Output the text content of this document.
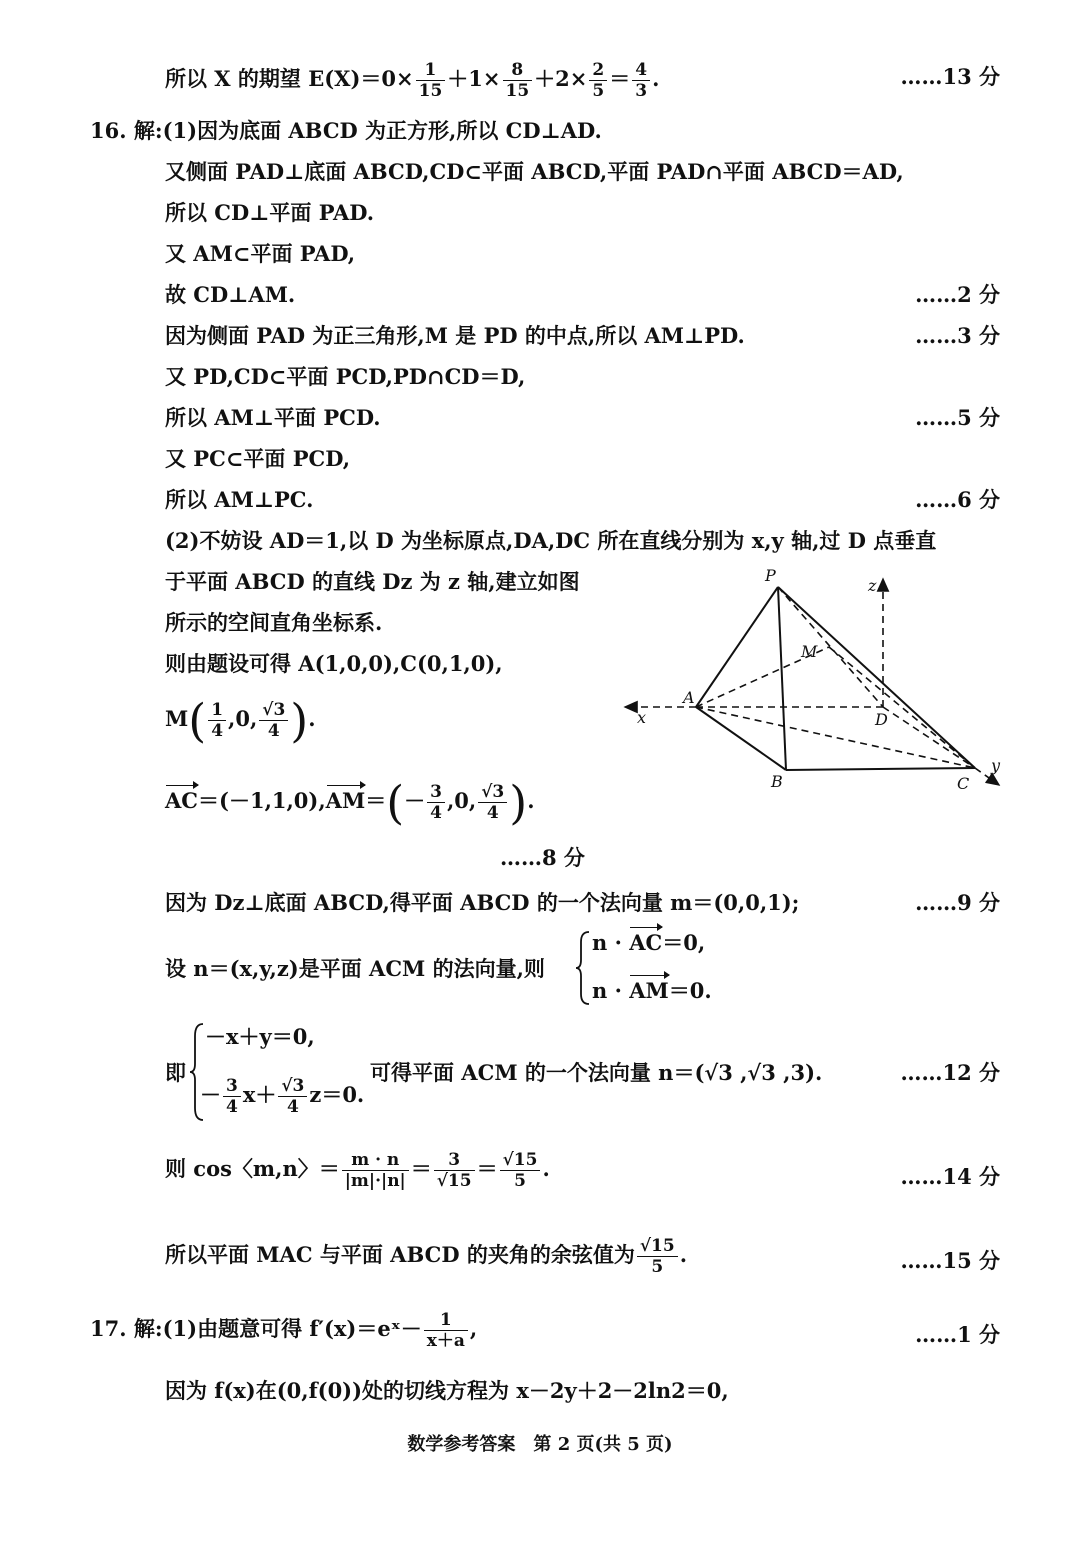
所以 X 的期望 $E(X)=0\times \frac{1}{15} +1\times \frac{8}{15} +2\times \frac{2}{5} = \frac{4}{3}$ .	……13 分
16. 解:(1)因为底面 ABCD 为正方形,所以 CD⊥AD.
又侧面 PAD⊥底面 ABCD,CD⊂平面 ABCD,平面 PAD∩平面 ABCD＝AD,
所以 CD⊥平面 PAD.
又 AM⊂平面 PAD,
故 CD⊥AM.	……2 分
因为侧面 PAD 为正三角形,M 是 PD 的中点,所以 AM⊥PD.	……3 分
又 PD,CD⊂平面 PCD,PD∩CD＝D,
所以 AM⊥平面 PCD.	……5 分
又 PC⊂平面 PCD,
所以 AM⊥PC.	……6 分
(2)不妨设 AD＝1,以 D 为坐标原点,DA,DC 所在直线分别为 x,y 轴,过 D 点垂直
于平面 ABCD 的直线 Dz 为 z 轴,建立如图
所示的空间直角坐标系.
则由题设可得 A(1,0,0),C(0,1,0),
$M( \frac{1}{4} ,0$, $\frac{√3}{4}$ ).
$AC=(-1,1,0),AM=(- \frac{3}{4} ,0$, $\frac{√3}{4}$ ).
……8 分
因为 Dz⊥底面 ABCD,得平面 ABCD 的一个法向量 m＝(0,0,1);	……9 分
设 n＝(x,y,z)是平面 ACM 的法向量,则
n · AC＝0,
n · AM＝0.
即
－x＋y＝0,
－ $\frac{3}{4} x+ \frac{√3}{4} z=0$.
可得平面 ACM 的一个法向量 n＝(√3 ,√3 ,3).	……12 分
则 cos〈m,n〉＝ $\frac{m \cdot n}{|m|\cdot|n|} = \frac{3}{√15} = \frac{√15}{5}$ .	……14 分
所以平面 MAC 与平面 ABCD 的夹角的余弦值为 $\frac{√15}{5}$ .	……15 分
17. 解:(1)由题意可得 f′(x)＝eˣ－ $\frac{1}{x+a}$ ,	……1 分
因为 f(x)在(0,f(0))处的切线方程为 x－2y＋2－2ln2＝0,
数学参考答案　第 2 页(共 5 页)
P
z
M
A
x	D
B	C
y
